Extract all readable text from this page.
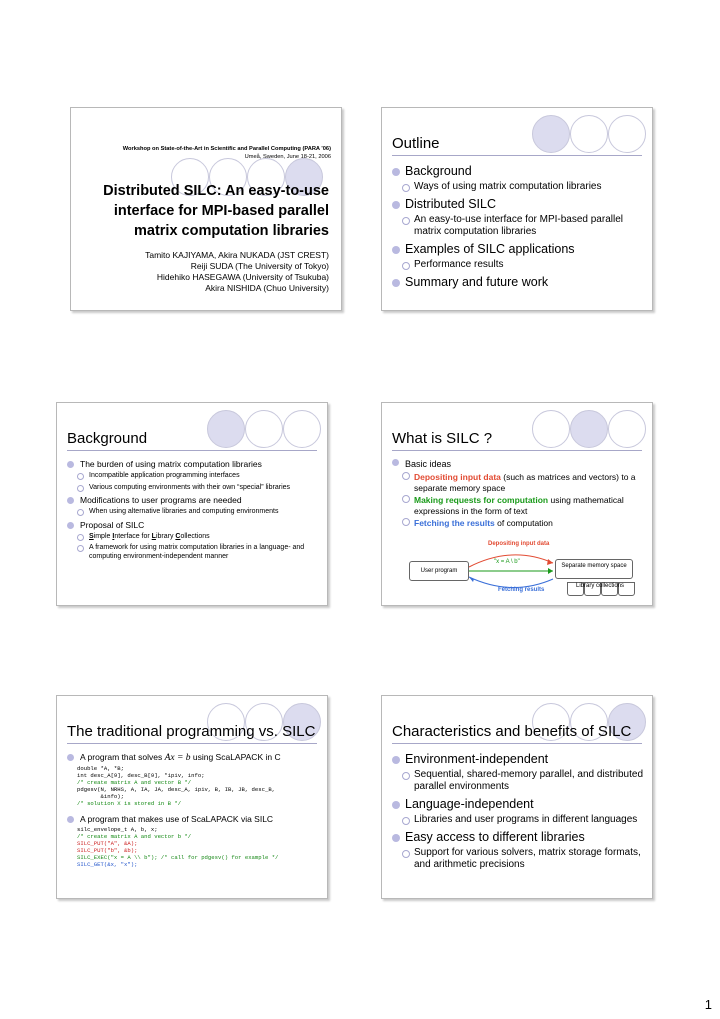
Workshop on State-of-the-Art in Scientific and Parallel Computing (PARA '06)
Umeå, Sweden, June 18-21, 2006
Distributed SILC: An easy-to-use interface for MPI-based parallel matrix computation libraries
Tamito KAJIYAMA, Akira NUKADA (JST CREST)
Reiji SUDA (The University of Tokyo)
Hidehiko HASEGAWA (University of Tsukuba)
Akira NISHIDA (Chuo University)
Outline
Background
Ways of using matrix computation libraries
Distributed SILC
An easy-to-use interface for MPI-based parallel matrix computation libraries
Examples of SILC applications
Performance results
Summary and future work
Background
The burden of using matrix computation libraries
Incompatible application programming interfaces
Various computing environments with their own “special” libraries
Modifications to user programs are needed
When using alternative libraries and computing environments
Proposal of SILC
Simple Interface for Library Collections
A framework for using matrix computation libraries in a language- and computing environment-independent manner
What is SILC ?
Basic ideas
Depositing input data (such as matrices and vectors) to a separate memory space
Making requests for computation using mathematical expressions in the form of text
Fetching the results of computation
Depositing input data
"x = A \ b"
User program
Separate memory space
Fetching results
Library collections
The traditional programming vs. SILC
A program that solves Ax = b using ScaLAPACK in C
double *A, *B;
int desc_A[9], desc_B[9], *ipiv, info;
/* create matrix A and vector B */
pdgesv(N, NRHS, A, IA, JA, desc_A, ipiv, B, IB, JB, desc_B,
&info);
/* solution X is stored in B */
A program that makes use of ScaLAPACK via SILC
silc_envelope_t A, b, x;
/* create matrix A and vector b */
SILC_PUT("A", &A);
SILC_PUT("b", &b);
SILC_EXEC("x = A \\ b"); /* call for pdgesv() for example */
SILC_GET(&x, "x");
Characteristics and benefits of SILC
Environment-independent
Sequential, shared-memory parallel, and distributed parallel environments
Language-independent
Libraries and user programs in different languages
Easy access to different libraries
Support for various solvers, matrix storage formats, and arithmetic precisions
1
